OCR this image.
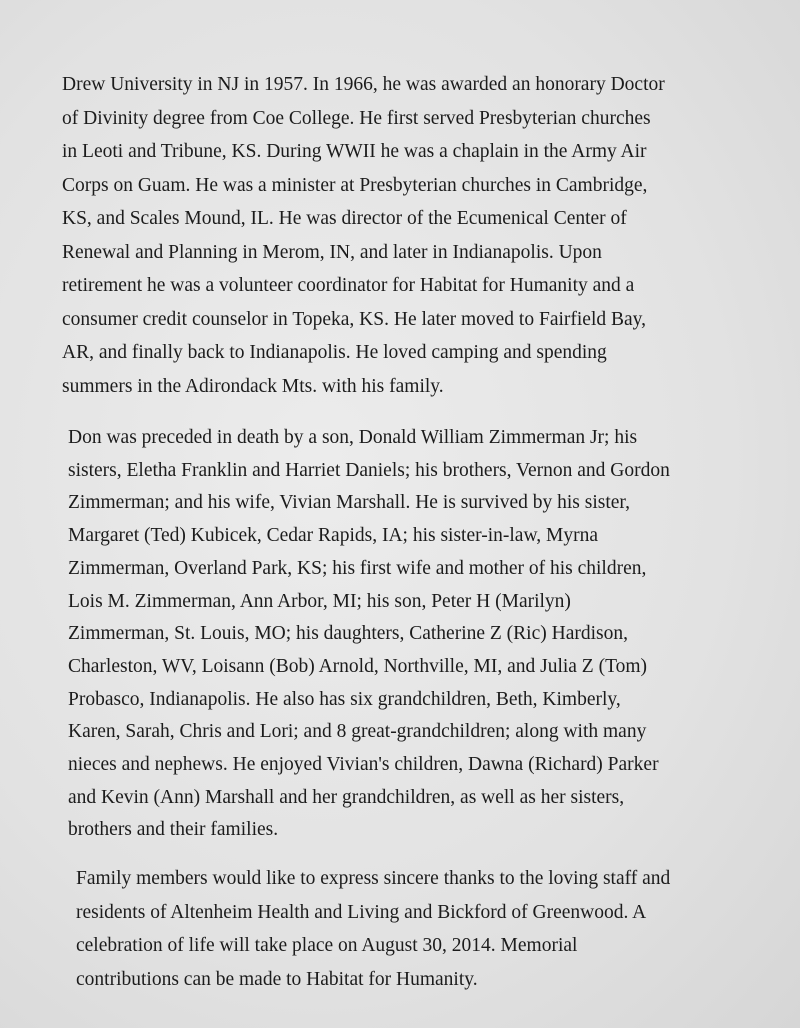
Drew University in NJ in 1957. In 1966, he was awarded an honorary Doctor
of Divinity degree from Coe College. He first served Presbyterian churches
in Leoti and Tribune, KS. During WWII he was a chaplain in the Army Air
Corps on Guam. He was a minister at Presbyterian churches in Cambridge,
KS, and Scales Mound, IL. He was director of the Ecumenical Center of
Renewal and Planning in Merom, IN, and later in Indianapolis. Upon
retirement he was a volunteer coordinator for Habitat for Humanity and a
consumer credit counselor in Topeka, KS. He later moved to Fairfield Bay,
AR, and finally back to Indianapolis. He loved camping and spending
summers in the Adirondack Mts. with his family.

Don was preceded in death by a son, Donald William Zimmerman Jr; his
sisters, Eletha Franklin and Harriet Daniels; his brothers, Vernon and Gordon
Zimmerman; and his wife, Vivian Marshall. He is survived by his sister,
Margaret (Ted) Kubicek, Cedar Rapids, IA; his sister-in-law, Myrna
Zimmerman, Overland Park, KS; his first wife and mother of his children,
Lois M. Zimmerman, Ann Arbor, MI; his son, Peter H (Marilyn)
Zimmerman, St. Louis, MO; his daughters, Catherine Z (Ric) Hardison,
Charleston, WV, Loisann (Bob) Arnold, Northville, MI, and Julia Z (Tom)
Probasco, Indianapolis. He also has six grandchildren, Beth, Kimberly,
Karen, Sarah, Chris and Lori; and 8 great-grandchildren; along with many
nieces and nephews. He enjoyed Vivian's children, Dawna (Richard) Parker
and Kevin (Ann) Marshall and her grandchildren, as well as her sisters,
brothers and their families.

Family members would like to express sincere thanks to the loving staff and
residents of Altenheim Health and Living and Bickford of Greenwood. A
celebration of life will take place on August 30, 2014. Memorial
contributions can be made to Habitat for Humanity.
